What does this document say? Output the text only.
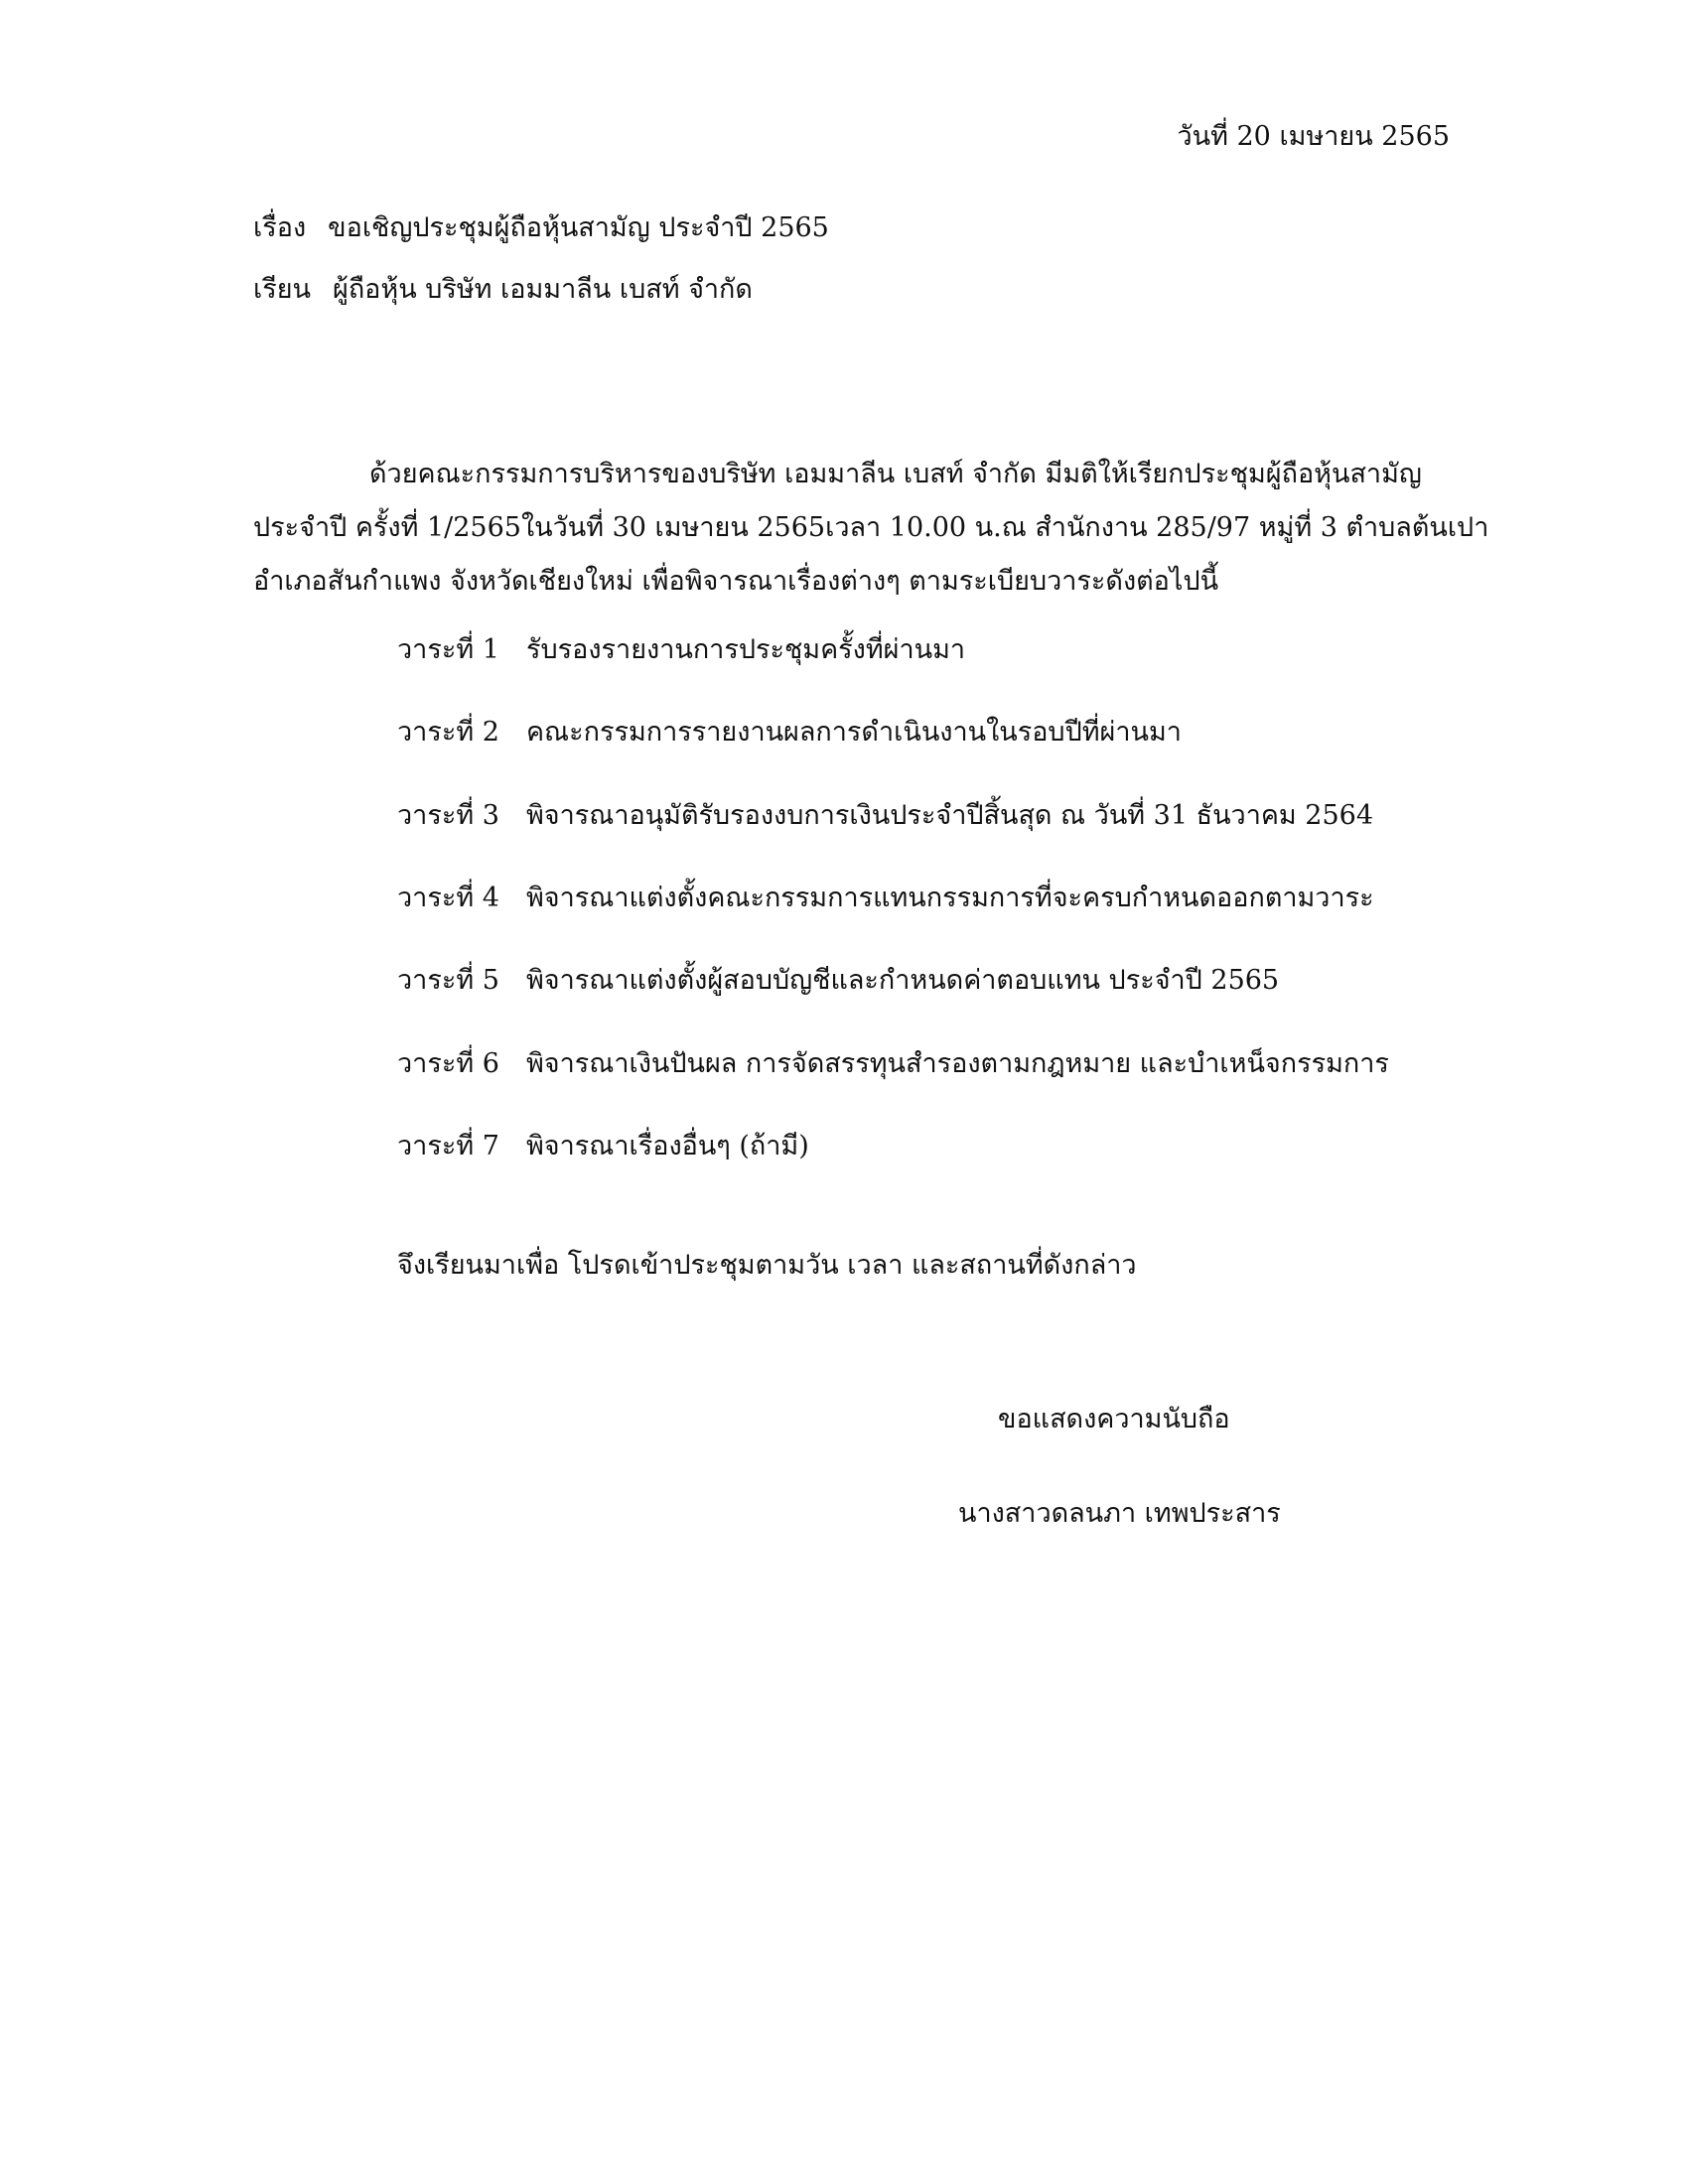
วันที่ 20 เมษายน 2565
เรื่อง ขอเชิญประชุมผู้ถือหุ้นสามัญ ประจำปี 2565
เรียน ผู้ถือหุ้น บริษัท เอมมาลีน เบสท์ จำกัด
ด้วยคณะกรรมการบริหารของบริษัท เอมมาลีน เบสท์ จำกัด มีมติให้เรียกประชุมผู้ถือหุ้นสามัญ
ประจำปี ครั้งที่ 1/2565ในวันที่ 30 เมษายน 2565เวลา 10.00 น.ณ สำนักงาน 285/97 หมู่ที่ 3 ตำบลต้นเปา
อำเภอสันกำแพง จังหวัดเชียงใหม่ เพื่อพิจารณาเรื่องต่างๆ ตามระเบียบวาระดังต่อไปนี้
วาระที่ 1 รับรองรายงานการประชุมครั้งที่ผ่านมา
วาระที่ 2 คณะกรรมการรายงานผลการดำเนินงานในรอบปีที่ผ่านมา
วาระที่ 3 พิจารณาอนุมัติรับรองงบการเงินประจำปีสิ้นสุด ณ วันที่ 31 ธันวาคม 2564
วาระที่ 4 พิจารณาแต่งตั้งคณะกรรมการแทนกรรมการที่จะครบกำหนดออกตามวาระ
วาระที่ 5 พิจารณาแต่งตั้งผู้สอบบัญชีและกำหนดค่าตอบแทน ประจำปี 2565
วาระที่ 6 พิจารณาเงินปันผล การจัดสรรทุนสำรองตามกฎหมาย และบำเหน็จกรรมการ
วาระที่ 7 พิจารณาเรื่องอื่นๆ (ถ้ามี)
จึงเรียนมาเพื่อ โปรดเข้าประชุมตามวัน เวลา และสถานที่ดังกล่าว
ขอแสดงความนับถือ
นางสาวดลนภา เทพประสาร
